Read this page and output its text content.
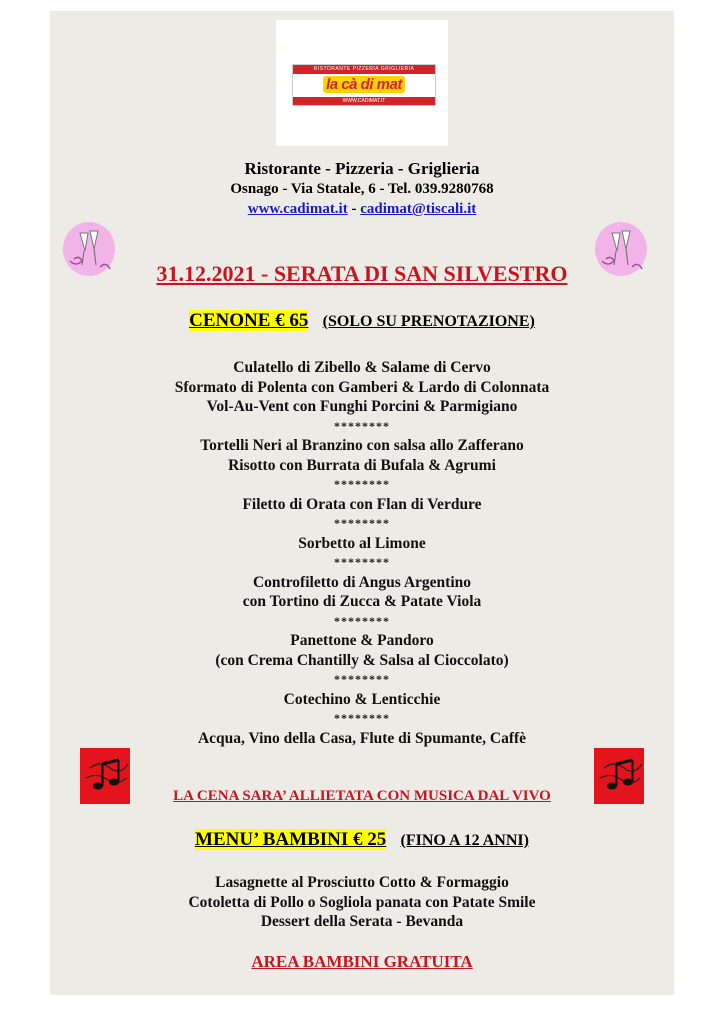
RISTORANTE PIZZERIA GRIGLIERIA
la cà di mat
WWW.CADIMAT.IT
Ristorante - Pizzeria - Griglieria
Osnago - Via Statale, 6 - Tel. 039.9280768
www.cadimat.it - cadimat@tiscali.it
31.12.2021 - SERATA DI SAN SILVESTRO
CENONE € 65 (SOLO SU PRENOTAZIONE)
Culatello di Zibello & Salame di Cervo
Sformato di Polenta con Gamberi & Lardo di Colonnata
Vol-Au-Vent con Funghi Porcini & Parmigiano
********
Tortelli Neri al Branzino con salsa allo Zafferano
Risotto con Burrata di Bufala & Agrumi
********
Filetto di Orata con Flan di Verdure
********
Sorbetto al Limone
********
Controfiletto di Angus Argentino
con Tortino di Zucca & Patate Viola
********
Panettone & Pandoro
(con Crema Chantilly & Salsa al Cioccolato)
********
Cotechino & Lenticchie
********
Acqua, Vino della Casa, Flute di Spumante, Caffè
LA CENA SARA’ ALLIETATA CON MUSICA DAL VIVO
MENU’ BAMBINI € 25 (FINO A 12 ANNI)
Lasagnette al Prosciutto Cotto & Formaggio
Cotoletta di Pollo o Sogliola panata con Patate Smile
Dessert della Serata - Bevanda
AREA BAMBINI GRATUITA
